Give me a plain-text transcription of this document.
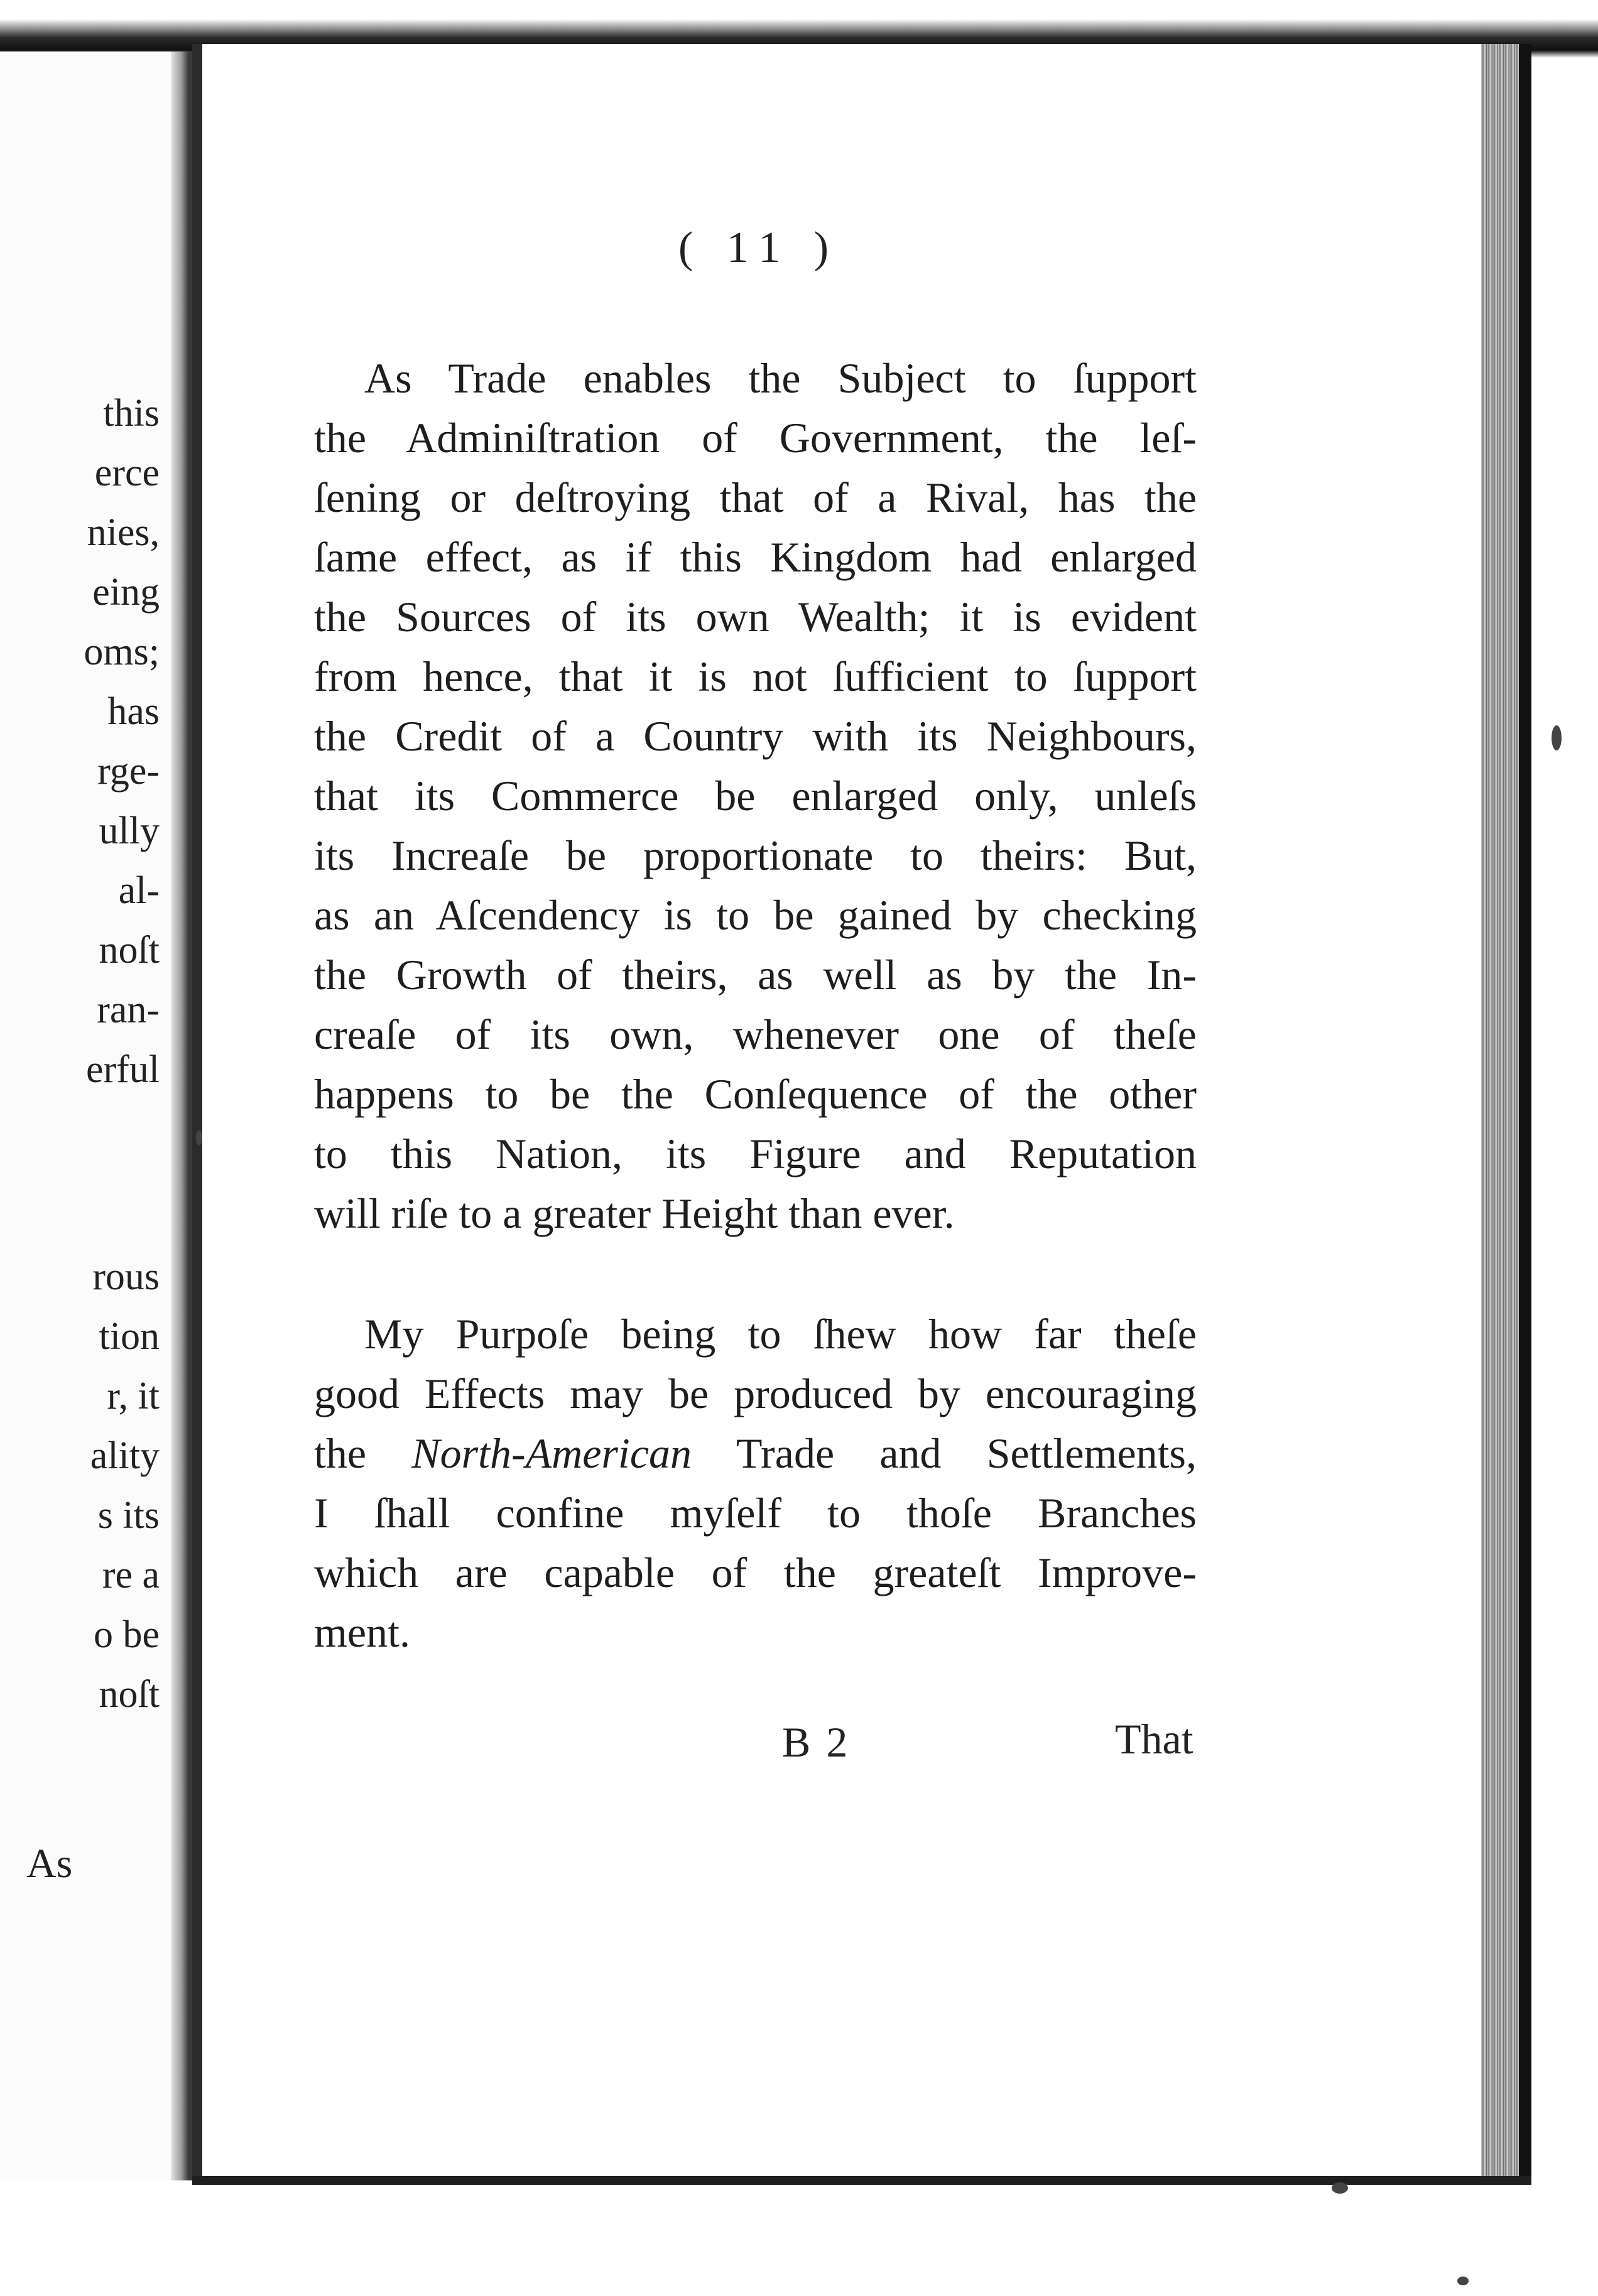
this
erce
nies,
eing
oms;
has
rge-
ully
al-
noſt
ran-
erful
rous
tion
r, it
ality
s its
re a
o be
noſt
As
( 11 )
As Trade enables the Subject to ſupport
the Adminiſtration of Government, the leſ-
ſening or deſtroying that of a Rival, has the
ſame effect, as if this Kingdom had enlarged
the Sources of its own Wealth; it is evident
from hence, that it is not ſufficient to ſupport
the Credit of a Country with its Neighbours,
that its Commerce be enlarged only, unleſs
its Increaſe be proportionate to theirs: But,
as an Aſcendency is to be gained by checking
the Growth of theirs, as well as by the In-
creaſe of its own, whenever one of theſe
happens to be the Conſequence of the other
to this Nation, its Figure and Reputation
will riſe to a greater Height than ever.
My Purpoſe being to ſhew how far theſe
good Effects may be produced by encouraging
the North-American Trade and Settlements,
I ſhall confine myſelf to thoſe Branches
which are capable of the greateſt Improve-
ment.
B 2	That
